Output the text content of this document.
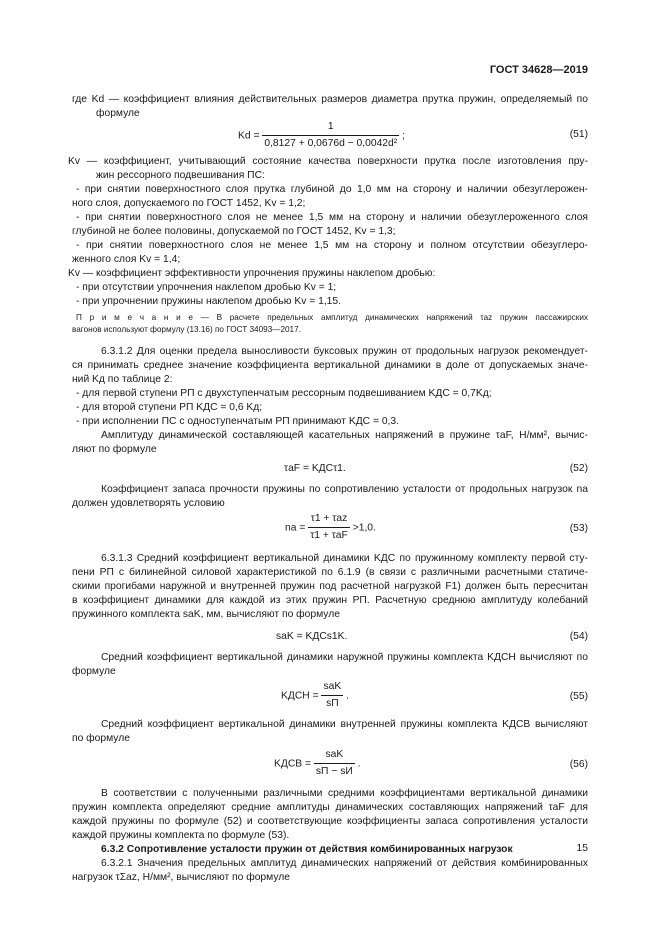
ГОСТ 34628—2019
где Kd — коэффициент влияния действительных размеров диаметра прутка пружин, определяемый по
формуле
$Kd = \frac{1}{\text{0,8127 + 0,0676d − 0,0042d²}}$ ;	(51)
Kv — коэффициент, учитывающий состояние качества поверхности прутка после изготовления пру-
жин рессорного подвешивания ПС:
- при снятии поверхностного слоя прутка глубиной до 1,0 мм на сторону и наличии обезуглерожен-
ного слоя, допускаемого по ГОСТ 1452, Kv = 1,2;
- при снятии поверхностного слоя не менее 1,5 мм на сторону и наличии обезуглероженного слоя
глубиной не более половины, допускаемой по ГОСТ 1452, Kv = 1,3;
- при снятии поверхностного слоя не менее 1,5 мм на сторону и полном отсутствии обезуглеро-
женного слоя Kv = 1,4;
Kv — коэффициент эффективности упрочнения пружины наклепом дробью:
- при отсутствии упрочнения наклепом дробью Kv = 1;
- при упрочнении пружины наклепом дробью Kv = 1,15.
П р и м е ч а н и е — В расчете предельных амплитуд динамических напряжений τaz пружин пассажирских
вагонов используют формулу (13.16) по ГОСТ 34093—2017.
6.3.1.2 Для оценки предела выносливости буксовых пружин от продольных нагрузок рекомендует-
ся принимать среднее значение коэффициента вертикальной динамики в доле от допускаемых значе-
ний Kд по таблице 2:
- для первой ступени РП с двухступенчатым рессорным подвешиванием KДС = 0,7Kд;
- для второй ступени РП KДС = 0,6 Kд;
- при исполнении ПС с одноступенчатым РП принимают KДС = 0,3.
Амплитуду динамической составляющей касательных напряжений в пружине τaF, Н/мм², вычис-
ляют по формуле
τaF = KДСτ1.	(52)
Коэффициент запаса прочности пружины по сопротивлению усталости от продольных нагрузок na
должен удовлетворять условию
na = $\frac{\text{τ1 + τaz}}{\text{τ1 + τaF}} >1,0$.	(53)
6.3.1.3 Средний коэффициент вертикальной динамики KДС по пружинному комплекту первой сту-
пени РП с билинейной силовой характеристикой по 6.1.9 (в связи с различными расчетными статиче-
скими прогибами наружной и внутренней пружин под расчетной нагрузкой F1) должен быть пересчитан
в коэффициент динамики для каждой из этих пружин РП. Расчетную среднюю амплитуду колебаний
пружинного комплекта saK, мм, вычисляют по формуле
saK = KДСs1K.	(54)
Средний коэффициент вертикальной динамики наружной пружины комплекта KДСН вычисляют по
формуле
KДСН = $\frac{\text{saK}}{sП}$ .	(55)
Средний коэффициент вертикальной динамики внутренней пружины комплекта KДСВ вычисляют
по формуле
KДСВ = $\frac{\text{saK}}{sП - sИ}$ .	(56)
В соответствии с полученными различными средними коэффициентами вертикальной динамики
пружин комплекта определяют средние амплитуды динамических составляющих напряжений τaF для
каждой пружины по формуле (52) и соответствующие коэффициенты запаса сопротивления усталости
каждой пружины комплекта по формуле (53).
6.3.2 Сопротивление усталости пружин от действия комбинированных нагрузок
6.3.2.1 Значения предельных амплитуд динамических напряжений от действия комбинированных
нагрузок τΣaz, Н/мм², вычисляют по формуле
15
